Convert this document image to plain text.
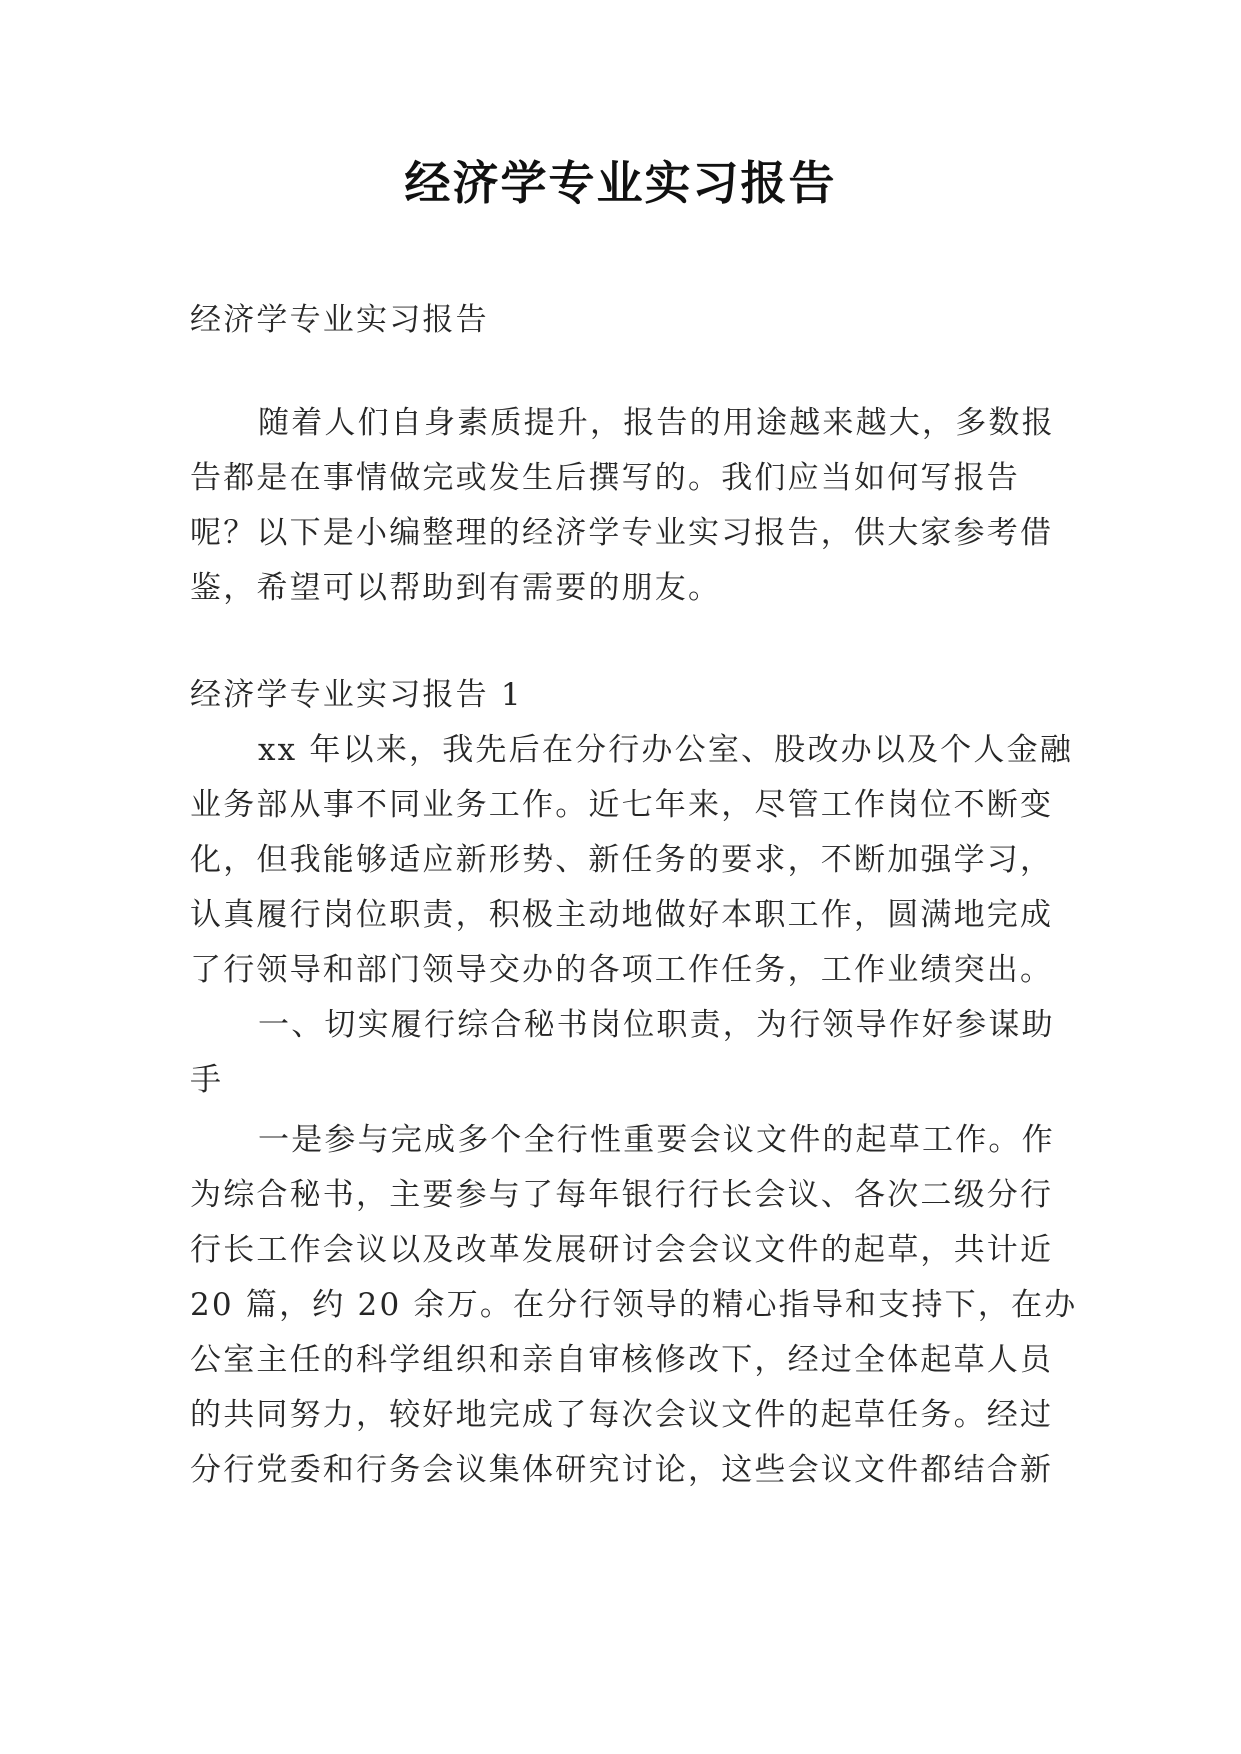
经济学专业实习报告
经济学专业实习报告
随着人们自身素质提升，报告的用途越来越大，多数报
告都是在事情做完或发生后撰写的。我们应当如何写报告
呢？以下是小编整理的经济学专业实习报告，供大家参考借
鉴，希望可以帮助到有需要的朋友。
经济学专业实习报告 1
xx 年以来，我先后在分行办公室、股改办以及个人金融
业务部从事不同业务工作。近七年来，尽管工作岗位不断变
化，但我能够适应新形势、新任务的要求，不断加强学习，
认真履行岗位职责，积极主动地做好本职工作，圆满地完成
了行领导和部门领导交办的各项工作任务，工作业绩突出。
一、切实履行综合秘书岗位职责，为行领导作好参谋助
手
一是参与完成多个全行性重要会议文件的起草工作。作
为综合秘书，主要参与了每年银行行长会议、各次二级分行
行长工作会议以及改革发展研讨会会议文件的起草，共计近
20 篇，约 20 余万。在分行领导的精心指导和支持下，在办
公室主任的科学组织和亲自审核修改下，经过全体起草人员
的共同努力，较好地完成了每次会议文件的起草任务。经过
分行党委和行务会议集体研究讨论，这些会议文件都结合新
